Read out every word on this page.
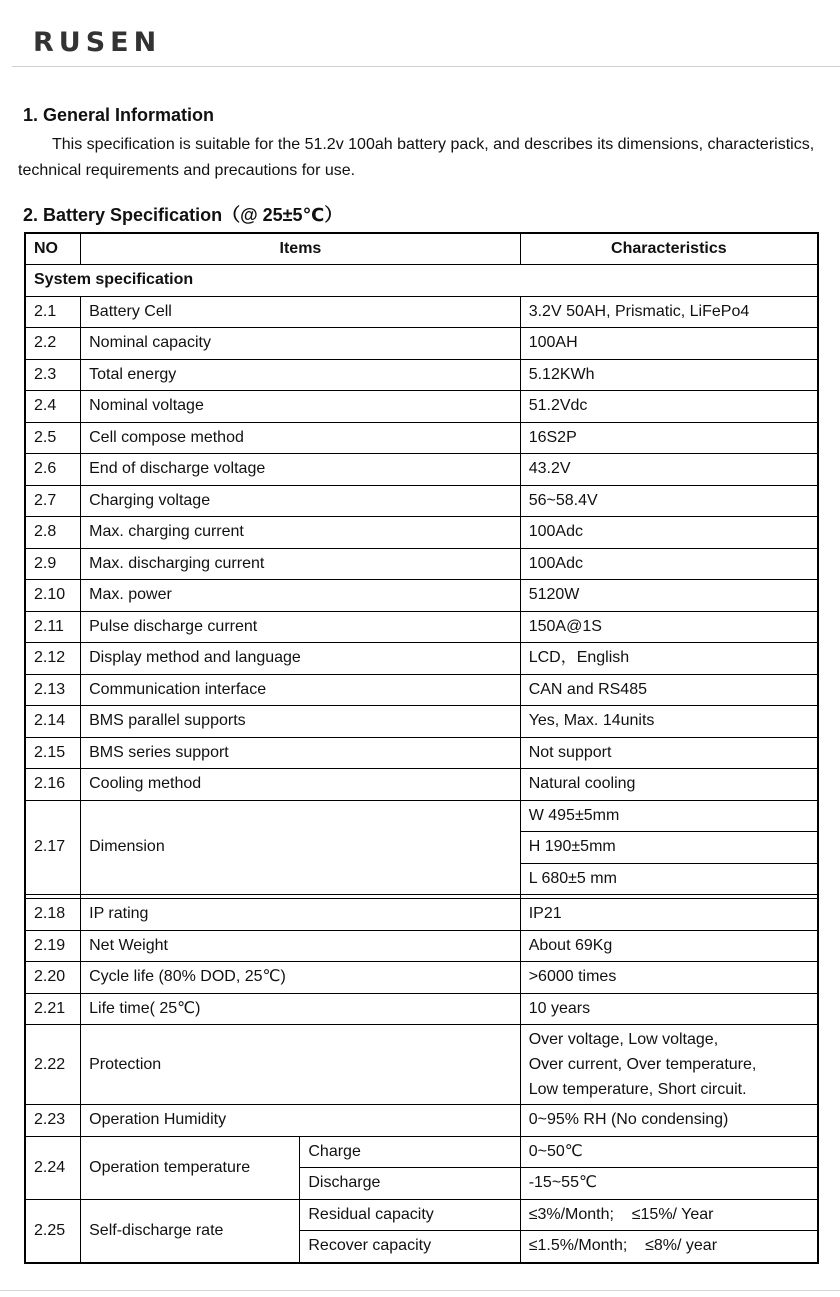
RUSEN
1. General Information

This specification is suitable for the 51.2v 100ah battery pack, and describes its dimensions, characteristics, technical requirements and precautions for use.

2. Battery Specification（@ 25±5℃）
NO	Items		Characteristics
System specification			
2.1	Battery Cell		3.2V 50AH, Prismatic, LiFePo4
2.2	Nominal capacity		100AH
2.3	Total energy		5.12KWh
2.4	Nominal voltage		51.2Vdc
2.5	Cell compose method		16S2P
2.6	End of discharge voltage		43.2V
2.7	Charging voltage		56~58.4V
2.8	Max. charging current		100Adc
2.9	Max. discharging current		100Adc
2.10	Max. power		5120W
2.11	Pulse discharge current		150A@1S
2.12	Display method and language		LCD，English
2.13	Communication interface		CAN and RS485
2.14	BMS parallel supports		Yes, Max. 14units
2.15	BMS series support		Not support
2.16	Cooling method		Natural cooling
2.17	Dimension		W 495±5mm
			H 190±5mm
			L 680±5 mm

2.18	IP rating		IP21
2.19	Net Weight		About 69Kg
2.20	Cycle life (80% DOD, 25℃)		>6000 times
2.21	Life time( 25℃)		10 years
2.22	Protection		Over voltage, Low voltage,
Over current, Over temperature,
Low temperature, Short circuit.

2.23	Operation Humidity		0~95% RH (No condensing)
2.24	Operation temperature	Charge	0~50℃
		Discharge	-15~55℃
2.25	Self-discharge rate	Residual capacity	≤3%/Month;    ≤15%/ Year
		Recover capacity	≤1.5%/Month;    ≤8%/ year
